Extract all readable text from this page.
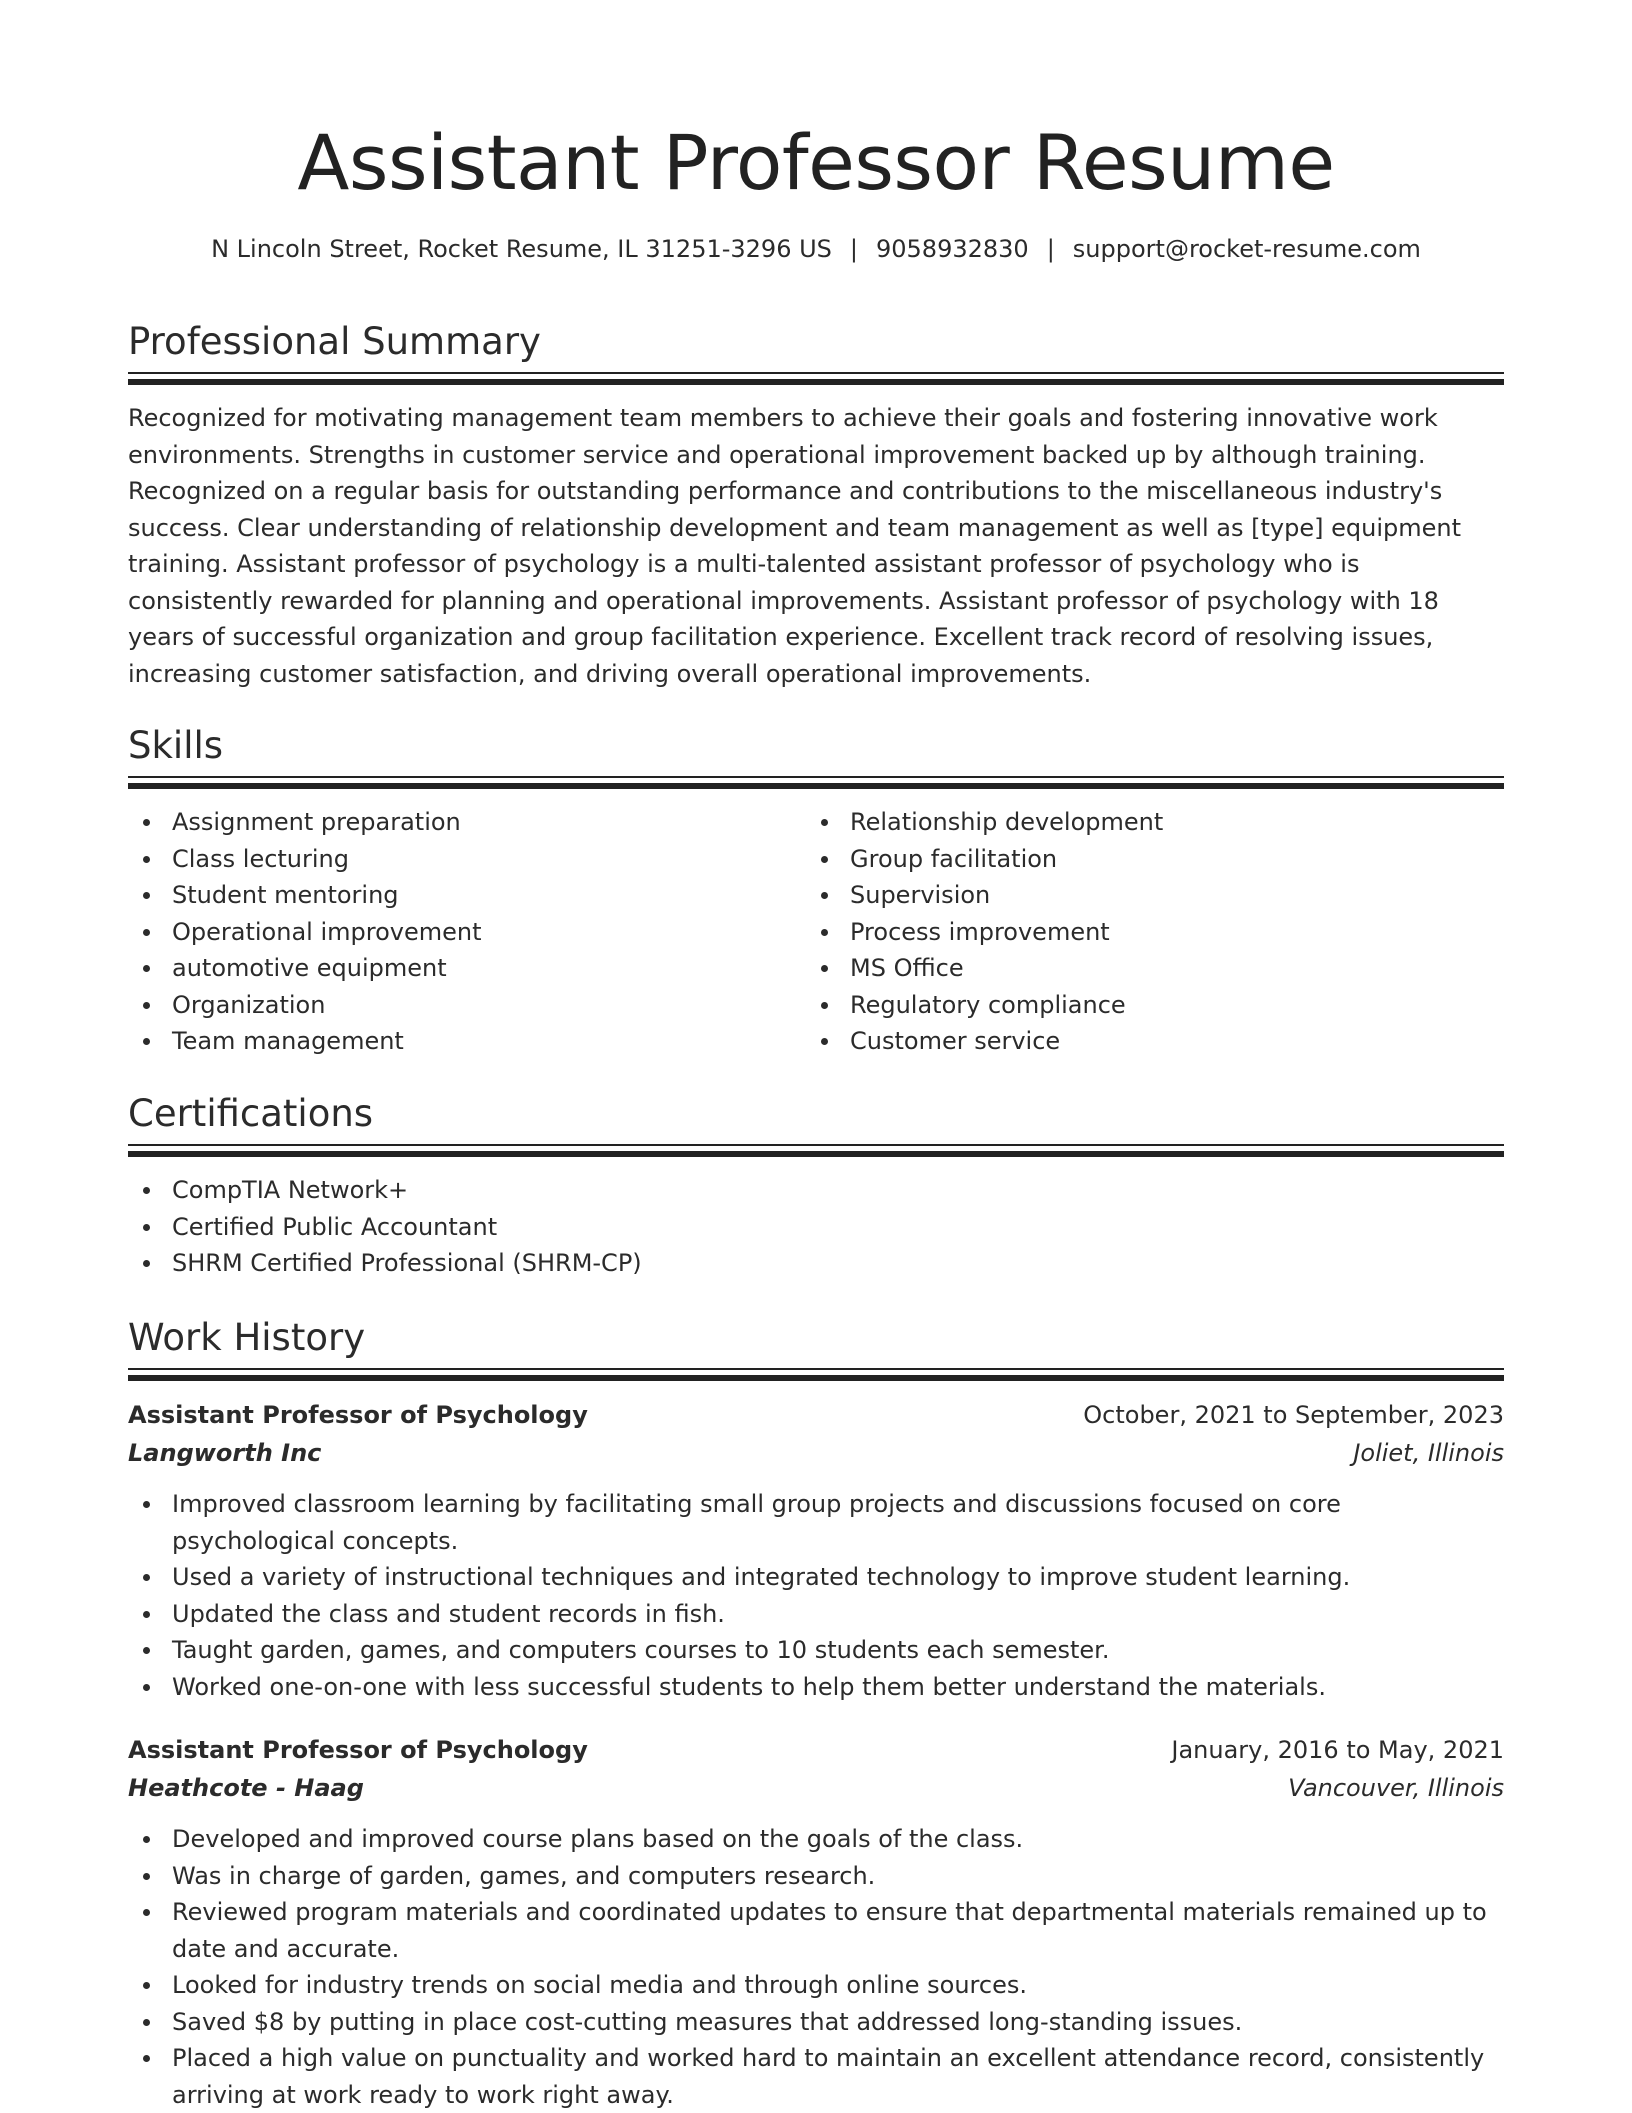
Assistant Professor Resume
N Lincoln Street, Rocket Resume, IL 31251-3296 US | 9058932830 | support@rocket-resume.com
Professional Summary

Recognized for motivating management team members to achieve their goals and fostering innovative work environments. Strengths in customer service and operational improvement backed up by although training. Recognized on a regular basis for outstanding performance and contributions to the miscellaneous industry's success. Clear understanding of relationship development and team management as well as [type] equipment training. Assistant professor of psychology is a multi-talented assistant professor of psychology who is consistently rewarded for planning and operational improvements. Assistant professor of psychology with 18 years of successful organization and group facilitation experience. Excellent track record of resolving issues, increasing customer satisfaction, and driving overall operational improvements.

Skills
Assignment preparation
Class lecturing
Student mentoring
Operational improvement
automotive equipment
Organization
Team management
Relationship development
Group facilitation
Supervision
Process improvement
MS Office
Regulatory compliance
Customer service
Certifications
CompTIA Network+
Certified Public Accountant
SHRM Certified Professional (SHRM-CP)
Work History
Assistant Professor of Psychology	October, 2021 to September, 2023
Langworth Inc	Joliet, Illinois
Improved classroom learning by facilitating small group projects and discussions focused on core psychological concepts.
Used a variety of instructional techniques and integrated technology to improve student learning.
Updated the class and student records in fish.
Taught garden, games, and computers courses to 10 students each semester.
Worked one-on-one with less successful students to help them better understand the materials.
Assistant Professor of Psychology	January, 2016 to May, 2021
Heathcote - Haag	Vancouver, Illinois
Developed and improved course plans based on the goals of the class.
Was in charge of garden, games, and computers research.
Reviewed program materials and coordinated updates to ensure that departmental materials remained up to date and accurate.
Looked for industry trends on social media and through online sources.
Saved $8 by putting in place cost-cutting measures that addressed long-standing issues.
Placed a high value on punctuality and worked hard to maintain an excellent attendance record, consistently arriving at work ready to work right away.
